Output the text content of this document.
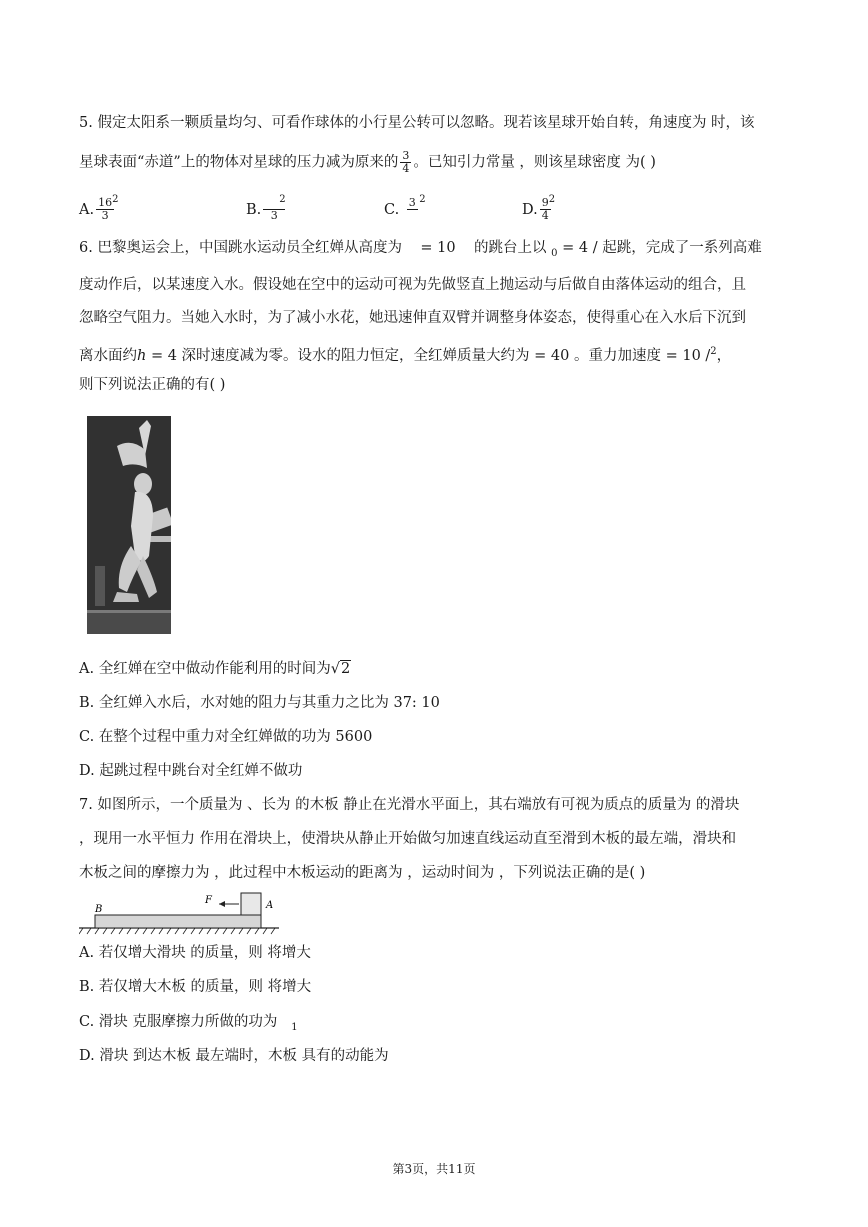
5. 假定太阳系一颗质量均匀、可看作球体的小行星公转可以忽略。现若该星球开始自转，角速度为 时，该
星球表面“赤道”上的物体对星球的压力减为原来的 $\frac{3}{4}$ 。已知引力常量 ，则该星球密度 为( )
A. $\frac{16}{3}$
$^2$
B. 3
$^2$
C. 3 $^2$
D. $\frac{9}{4}$
$^2$
6. 巴黎奥运会上，中国跳水运动员全红婵从高度为    = 10 的跳台上以 $_0$ = 4 / 起跳，完成了一系列高难
度动作后，以某速度入水。假设她在空中的运动可视为先做竖直上抛运动与后做自由落体运动的组合，且
忽略空气阻力。当她入水时，为了减小水花，她迅速伸直双臂并调整身体姿态，使得重心在入水后下沉到
离水面约h = 4 深时速度减为零。设水的阻力恒定，全红婵质量大约为 = 40 。重力加速度 = 10 /$^2$，
则下列说法正确的有( )
A. 全红婵在空中做动作能利用的时间为√2
B. 全红婵入水后，水对她的阻力与其重力之比为 37: 10
C. 在整个过程中重力对全红婵做的功为 5600
D. 起跳过程中跳台对全红婵不做功
7. 如图所示，一个质量为 、长为 的木板 静止在光滑水平面上，其右端放有可视为质点的质量为 的滑块
，现用一水平恒力 作用在滑块上，使滑块从静止开始做匀加速直线运动直至滑到木板的最左端，滑块和
木板之间的摩擦力为 ，此过程中木板运动的距离为 ，运动时间为 ，下列说法正确的是( )
B
F	A
A. 若仅增大滑块 的质量，则 将增大
B. 若仅增大木板 的质量，则 将增大
C. 滑块 克服摩擦力所做的功为 $_1$
D. 滑块 到达木板 最左端时，木板 具有的动能为
第3页，共11页
